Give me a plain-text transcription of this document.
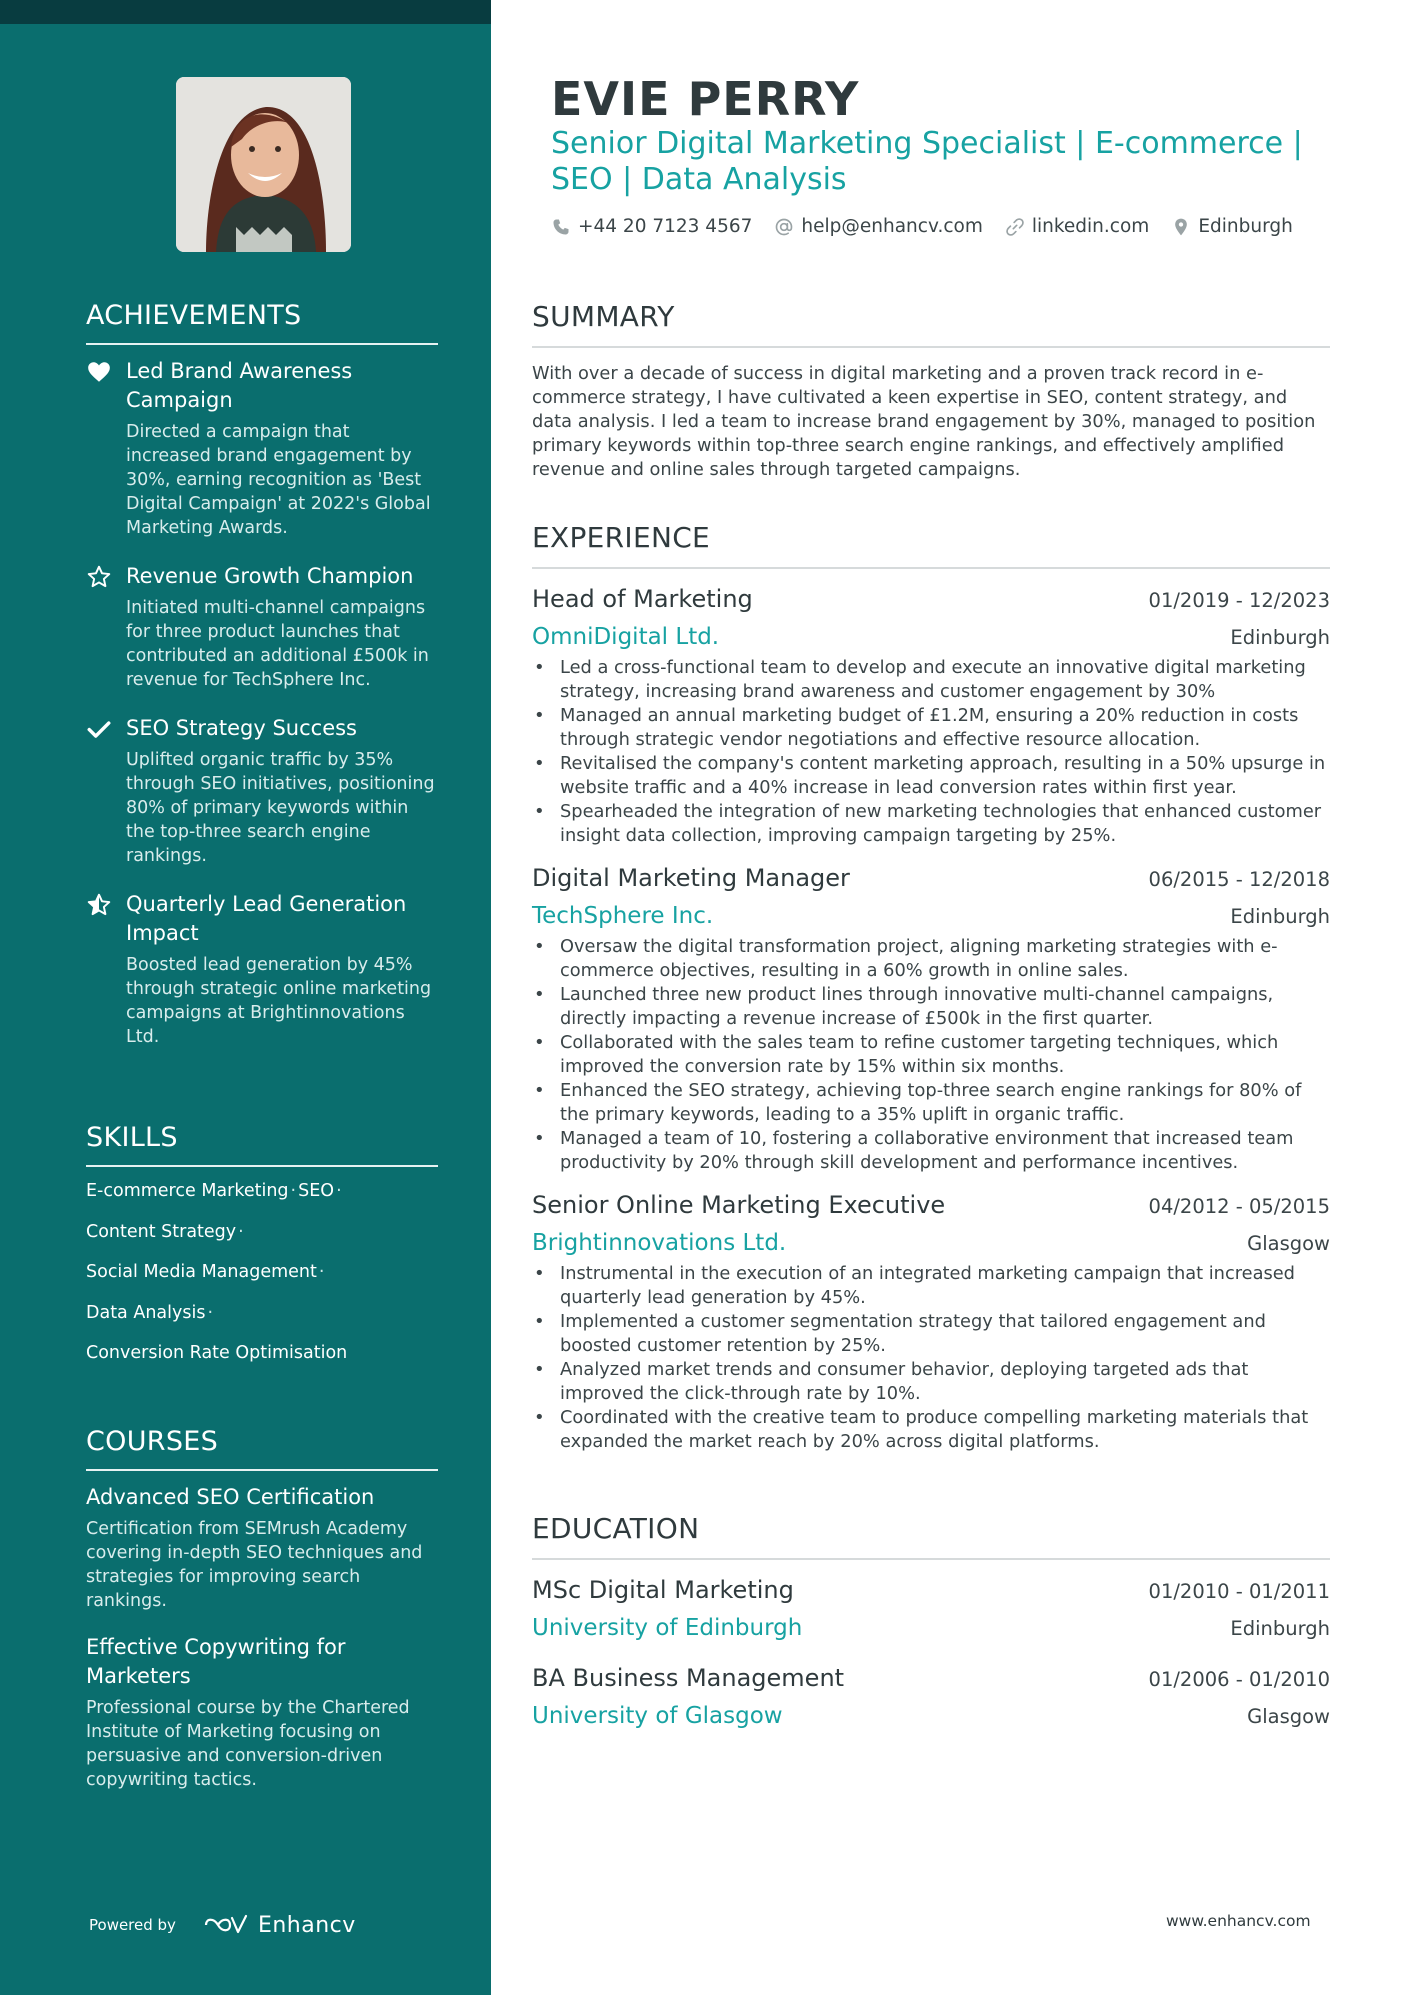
ACHIEVEMENTS
Led Brand Awareness Campaign
Directed a campaign that increased brand engagement by 30%, earning recognition as 'Best Digital Campaign' at 2022's Global Marketing Awards.
Revenue Growth Champion
Initiated multi-channel campaigns for three product launches that contributed an additional £500k in revenue for TechSphere Inc.
SEO Strategy Success
Uplifted organic traffic by 35% through SEO initiatives, positioning 80% of primary keywords within the top-three search engine rankings.
Quarterly Lead Generation Impact
Boosted lead generation by 45% through strategic online marketing campaigns at Brightinnovations Ltd.
SKILLS
E-commerce Marketing · SEO ·
Content Strategy ·
Social Media Management ·
Data Analysis ·
Conversion Rate Optimisation
COURSES
Advanced SEO Certification
Certification from SEMrush Academy covering in-depth SEO techniques and strategies for improving search rankings.
Effective Copywriting for Marketers
Professional course by the Chartered Institute of Marketing focusing on persuasive and conversion-driven copywriting tactics.
Powered by	Enhancv
EVIE PERRY
Senior Digital Marketing Specialist | E-commerce | SEO | Data Analysis
+44 20 7123 4567	help@enhancv.com	linkedin.com	Edinburgh
SUMMARY

With over a decade of success in digital marketing and a proven track record in e-commerce strategy, I have cultivated a keen expertise in SEO, content strategy, and data analysis. I led a team to increase brand engagement by 30%, managed to position primary keywords within top-three search engine rankings, and effectively amplified revenue and online sales through targeted campaigns.

EXPERIENCE
Head of Marketing	01/2019 - 12/2023
OmniDigital Ltd.	Edinburgh
• Led a cross-functional team to develop and execute an innovative digital marketing strategy, increasing brand awareness and customer engagement by 30%
• Managed an annual marketing budget of £1.2M, ensuring a 20% reduction in costs through strategic vendor negotiations and effective resource allocation.
• Revitalised the company's content marketing approach, resulting in a 50% upsurge in website traffic and a 40% increase in lead conversion rates within first year.
• Spearheaded the integration of new marketing technologies that enhanced customer insight data collection, improving campaign targeting by 25%.
Digital Marketing Manager	06/2015 - 12/2018
TechSphere Inc.	Edinburgh
• Oversaw the digital transformation project, aligning marketing strategies with e-commerce objectives, resulting in a 60% growth in online sales.
• Launched three new product lines through innovative multi-channel campaigns, directly impacting a revenue increase of £500k in the first quarter.
• Collaborated with the sales team to refine customer targeting techniques, which improved the conversion rate by 15% within six months.
• Enhanced the SEO strategy, achieving top-three search engine rankings for 80% of the primary keywords, leading to a 35% uplift in organic traffic.
• Managed a team of 10, fostering a collaborative environment that increased team productivity by 20% through skill development and performance incentives.
Senior Online Marketing Executive	04/2012 - 05/2015
Brightinnovations Ltd.	Glasgow
• Instrumental in the execution of an integrated marketing campaign that increased quarterly lead generation by 45%.
• Implemented a customer segmentation strategy that tailored engagement and boosted customer retention by 25%.
• Analyzed market trends and consumer behavior, deploying targeted ads that improved the click-through rate by 10%.
• Coordinated with the creative team to produce compelling marketing materials that expanded the market reach by 20% across digital platforms.
EDUCATION
MSc Digital Marketing	01/2010 - 01/2011
University of Edinburgh	Edinburgh
BA Business Management	01/2006 - 01/2010
University of Glasgow	Glasgow
www.enhancv.com
